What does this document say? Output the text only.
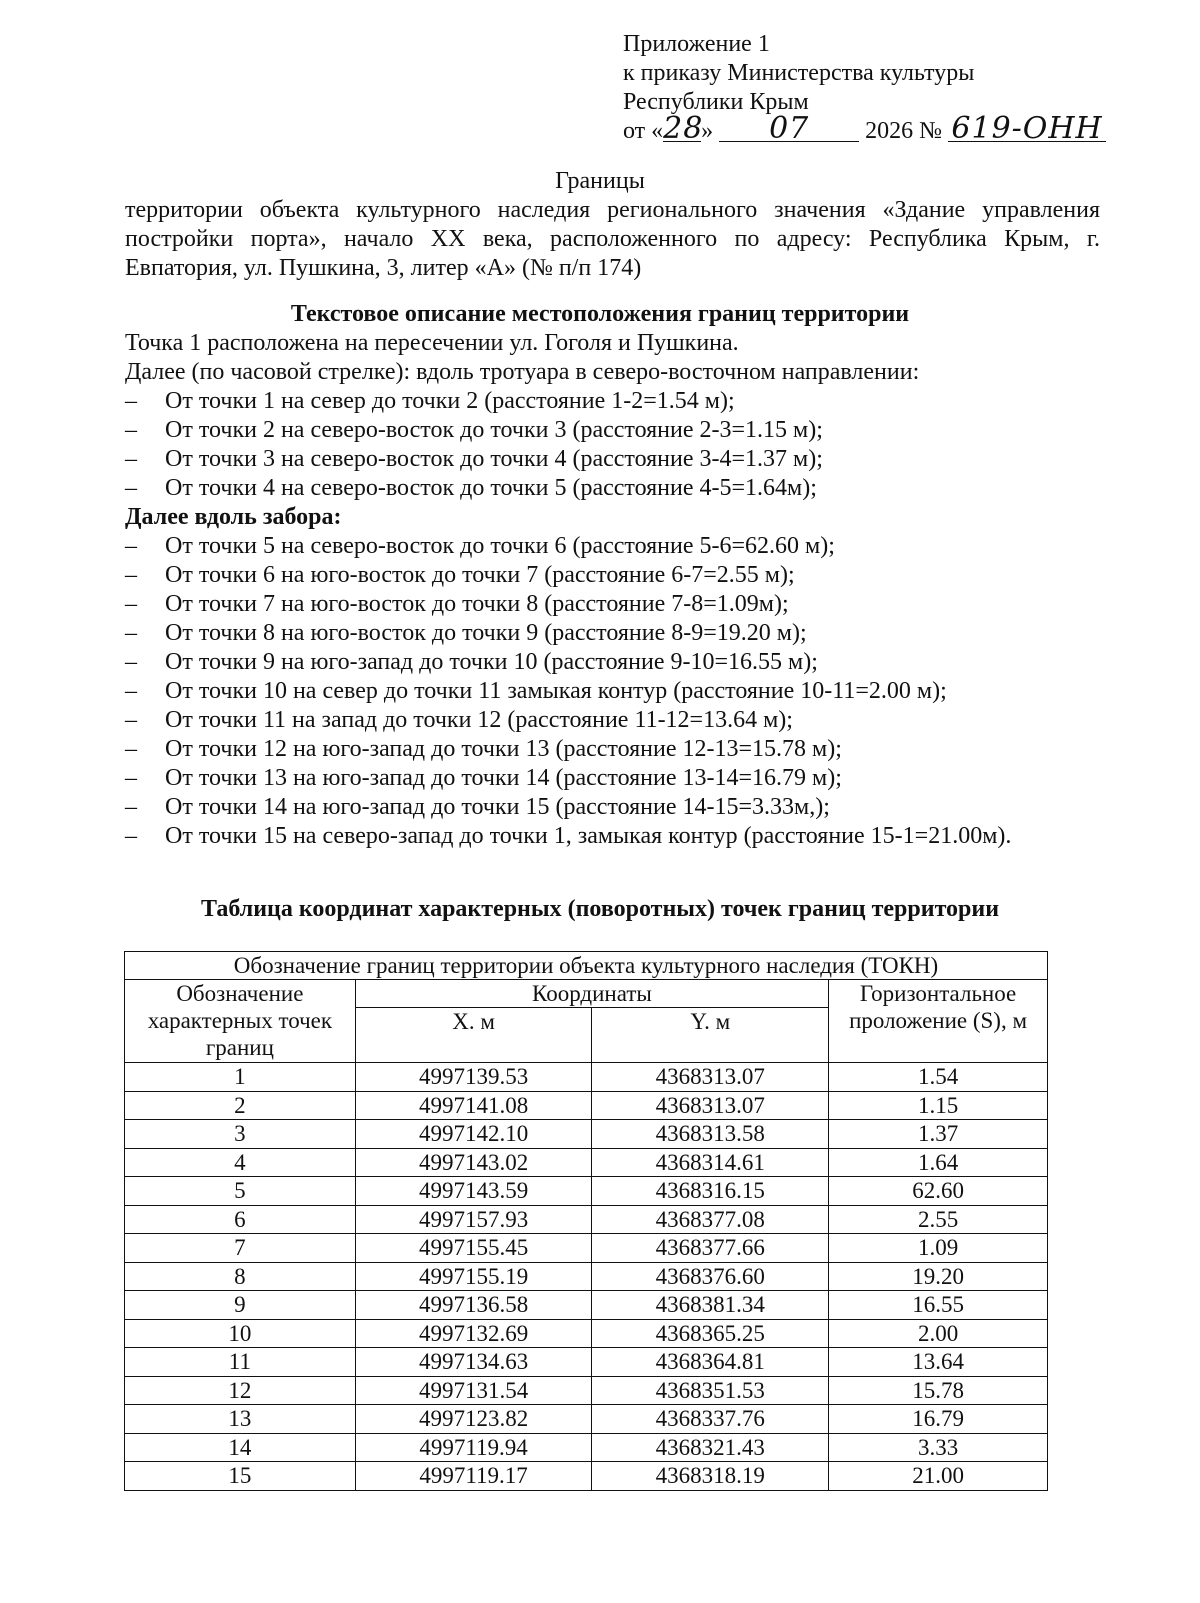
Приложение 1
к приказу Министерства культуры
Республики Крым
от «28» 07 2026 № 619-ОНН
Границы
территории объекта культурного наследия регионального значения «Здание управления постройки порта», начало XX века, расположенного по адресу: Республика Крым, г. Евпатория, ул. Пушкина, 3, литер «А» (№ п/п 174)
Текстовое описание местоположения границ территории
Точка 1 расположена на пересечении ул. Гоголя и Пушкина.
Далее (по часовой стрелке): вдоль тротуара в северо-восточном направлении:
– От точки 1 на север до точки 2 (расстояние 1-2=1.54 м);
– От точки 2 на северо-восток до точки 3 (расстояние 2-3=1.15 м);
– От точки 3 на северо-восток до точки 4 (расстояние 3-4=1.37 м);
– От точки 4 на северо-восток до точки 5 (расстояние 4-5=1.64м);
Далее вдоль забора:
– От точки 5 на северо-восток до точки 6 (расстояние 5-6=62.60 м);
– От точки 6 на юго-восток до точки 7 (расстояние 6-7=2.55 м);
– От точки 7 на юго-восток до точки 8 (расстояние 7-8=1.09м);
– От точки 8 на юго-восток до точки 9 (расстояние 8-9=19.20 м);
– От точки 9 на юго-запад до точки 10 (расстояние 9-10=16.55 м);
– От точки 10 на север до точки 11 замыкая контур (расстояние 10-11=2.00 м);
– От точки 11 на запад до точки 12 (расстояние 11-12=13.64 м);
– От точки 12 на юго-запад до точки 13 (расстояние 12-13=15.78 м);
– От точки 13 на юго-запад до точки 14 (расстояние 13-14=16.79 м);
– От точки 14 на юго-запад до точки 15 (расстояние 14-15=3.33м,);
– От точки 15 на северо-запад до точки 1, замыкая контур (расстояние 15-1=21.00м).
Таблица координат характерных (поворотных) точек границ территории
Обозначение границ территории объекта культурного наследия (ТОКН)			
Обозначение характерных точек границ	Координаты		Горизонтальное проложение (S), м
	X. м	Y. м	
1	4997139.53	4368313.07	1.54
2	4997141.08	4368313.07	1.15
3	4997142.10	4368313.58	1.37
4	4997143.02	4368314.61	1.64
5	4997143.59	4368316.15	62.60
6	4997157.93	4368377.08	2.55
7	4997155.45	4368377.66	1.09
8	4997155.19	4368376.60	19.20
9	4997136.58	4368381.34	16.55
10	4997132.69	4368365.25	2.00
11	4997134.63	4368364.81	13.64
12	4997131.54	4368351.53	15.78
13	4997123.82	4368337.76	16.79
14	4997119.94	4368321.43	3.33
15	4997119.17	4368318.19	21.00
